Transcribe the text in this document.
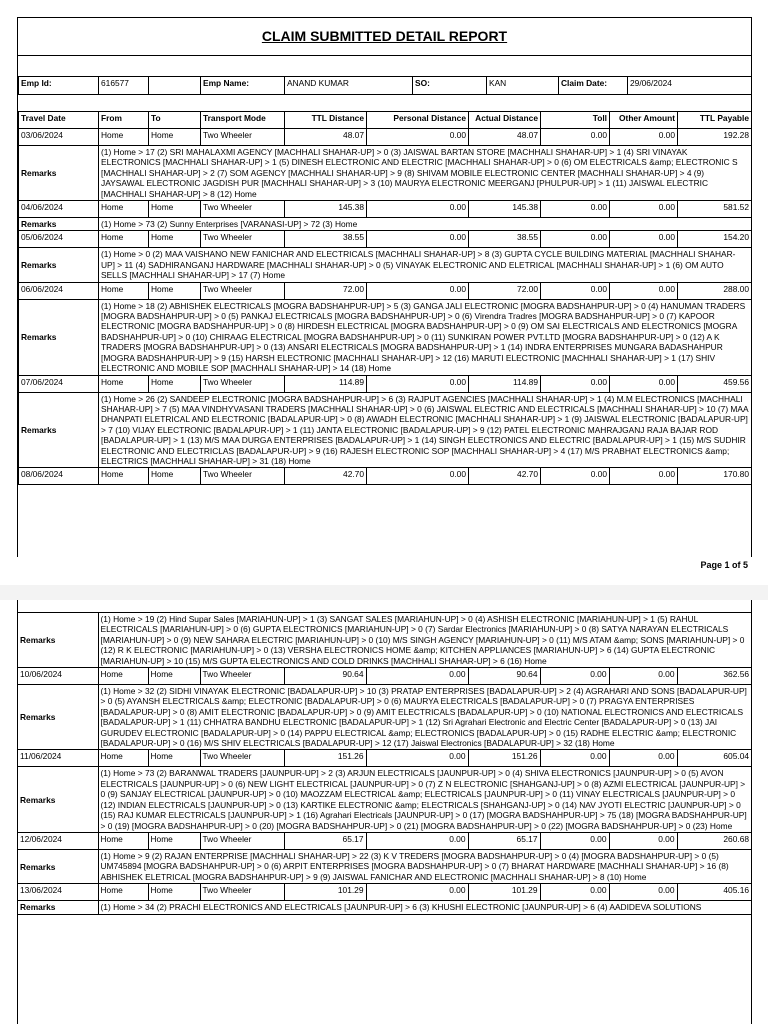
CLAIM SUBMITTED DETAIL REPORT
Emp Id:	616577		Emp Name:	ANAND KUMAR	SO:	KAN	Claim Date:	29/06/2024
Travel Date	From	To	Transport Mode	TTL Distance	Personal Distance	Actual Distance	Toll	Other Amount	TTL Payable
03/06/2024	Home	Home	Two Wheeler	48.07	0.00	48.07	0.00	0.00	192.28
Remarks	(1) Home > 17 (2) SRI MAHALAXMI AGENCY [MACHHALI SHAHAR-UP] > 0 (3) JAISWAL BARTAN STORE [MACHHALI SHAHAR-UP] > 1 (4) SRI VINAYAK ELECTRONICS [MACHHALI SHAHAR-UP] > 1 (5) DINESH ELECTRONIC AND ELECTRIC [MACHHALI SHAHAR-UP] > 0 (6) OM ELECTRICALS &amp; ELECTRONIC S [MACHHALI SHAHAR-UP] > 2 (7) SOM AGENCY [MACHHALI SHAHAR-UP] > 9 (8) SHIVAM MOBILE ELECTRONIC CENTER [MACHHALI SHAHAR-UP] > 4 (9) JAYSAWAL ELECTRONIC JAGDISH PUR [MACHHALI SHAHAR-UP] > 3 (10) MAURYA ELECTRONIC MEERGANJ [PHULPUR-UP] > 1 (11) JAISWAL ELECTRIC [MACHHALI SHAHAR-UP] > 8 (12) Home								
04/06/2024	Home	Home	Two Wheeler	145.38	0.00	145.38	0.00	0.00	581.52
Remarks	(1) Home > 73 (2) Sunny Enterprises [VARANASI-UP] > 72 (3) Home								
05/06/2024	Home	Home	Two Wheeler	38.55	0.00	38.55	0.00	0.00	154.20
Remarks	(1) Home > 0 (2) MAA VAISHANO NEW FANICHAR AND ELECTRICALS [MACHHALI SHAHAR-UP] > 8 (3) GUPTA CYCLE BUILDING MATERIAL [MACHHALI SHAHAR-UP] > 11 (4) SADHIRANGANJ HARDWARE [MACHHALI SHAHAR-UP] > 0 (5) VINAYAK ELECTRONIC AND ELETRICAL [MACHHALI SHAHAR-UP] > 1 (6) OM AUTO SELLS [MACHHALI SHAHAR-UP] > 17 (7) Home								
06/06/2024	Home	Home	Two Wheeler	72.00	0.00	72.00	0.00	0.00	288.00
Remarks	(1) Home > 18 (2) ABHISHEK ELECTRICALS [MOGRA BADSHAHPUR-UP] > 5 (3) GANGA JALI ELECTRONIC [MOGRA BADSHAHPUR-UP] > 0 (4) HANUMAN TRADERS [MOGRA BADSHAHPUR-UP] > 0 (5) PANKAJ ELECTRICALS [MOGRA BADSHAHPUR-UP] > 0 (6) Virendra Tradres [MOGRA BADSHAHPUR-UP] > 0 (7) KAPOOR ELECTRONIC [MOGRA BADSHAHPUR-UP] > 0 (8) HIRDESH ELECTRICAL [MOGRA BADSHAHPUR-UP] > 0 (9) OM SAI ELECTRICALS AND ELECTRONICS [MOGRA BADSHAHPUR-UP] > 0 (10) CHIRAAG ELECTRICAL [MOGRA BADSHAHPUR-UP] > 0 (11) SUNKIRAN POWER PVT.LTD [MOGRA BADSHAHPUR-UP] > 0 (12) A K TRADERS [MOGRA BADSHAHPUR-UP] > 0 (13) ANSARI ELECTRICALS [MOGRA BADSHAHPUR-UP] > 1 (14) INDRA ENTERPRISES MUNGARA BADASHAHPUR [MOGRA BADSHAHPUR-UP] > 9 (15) HARSH ELECTRONIC [MACHHALI SHAHAR-UP] > 12 (16) MARUTI ELECTRONIC [MACHHALI SHAHAR-UP] > 1 (17) SHIV ELECTRONIC AND MOBILE SOP [MACHHALI SHAHAR-UP] > 14 (18) Home								
07/06/2024	Home	Home	Two Wheeler	114.89	0.00	114.89	0.00	0.00	459.56
Remarks	(1) Home > 26 (2) SANDEEP ELECTRONIC [MOGRA BADSHAHPUR-UP] > 6 (3) RAJPUT AGENCIES [MACHHALI SHAHAR-UP] > 1 (4) M.M ELECTRONICS [MACHHALI SHAHAR-UP] > 7 (5) MAA VINDHYVASANI TRADERS [MACHHALI SHAHAR-UP] > 0 (6) JAISWAL ELECTRIC AND ELECTRICALS [MACHHALI SHAHAR-UP] > 10 (7) MAA DHANPATI ELETRICAL AND ELECTRONIC [BADALAPUR-UP] > 0 (8) AWADH ELECTRONIC [MACHHALI SHAHAR-UP] > 1 (9) JAISWAL ELECTRONIC [BADALAPUR-UP] > 7 (10) VIJAY ELECTRONIC [BADALAPUR-UP] > 1 (11) JANTA ELECTRONIC [BADALAPUR-UP] > 9 (12) PATEL ELECTRONIC MAHRAJGANJ RAJA BAJAR ROD [BADALAPUR-UP] > 1 (13) M/S MAA DURGA ENTERPRISES [BADALAPUR-UP] > 1 (14) SINGH ELECTRONICS AND ELECTRIC [BADALAPUR-UP] > 1 (15) M/S SUDHIR ELECTRONIC AND ELECTRICLAS [BADALAPUR-UP] > 9 (16) RAJESH ELECTRONIC SOP [MACHHALI SHAHAR-UP] > 4 (17) M/S PRABHAT ELECTRONICS &amp; ELECTRICS [MACHHALI SHAHAR-UP] > 31 (18) Home								
08/06/2024	Home	Home	Two Wheeler	42.70	0.00	42.70	0.00	0.00	170.80
Page 1 of 5
Remarks	(1) Home > 19 (2) Hind Supar Sales [MARIAHUN-UP] > 1 (3) SANGAT SALES [MARIAHUN-UP] > 0 (4) ASHISH ELECTRONIC [MARIAHUN-UP] > 1 (5) RAHUL ELECTRICALS [MARIAHUN-UP] > 0 (6) GUPTA ELECTRONICS [MARIAHUN-UP] > 0 (7) Sardar Electronics [MARIAHUN-UP] > 0 (8) SATYA NARAYAN ELECTRICALS [MARIAHUN-UP] > 0 (9) NEW SAHARA ELECTRIC [MARIAHUN-UP] > 0 (10) M/S SINGH AGENCY [MARIAHUN-UP] > 0 (11) M/S ATAM &amp; SONS [MARIAHUN-UP] > 0 (12) R K ELECTRONIC [MARIAHUN-UP] > 0 (13) VERSHA ELECTRONICS HOME &amp; KITCHEN APPLIANCES [MARIAHUN-UP] > 6 (14) GUPTA ELECTRONIC [MARIAHUN-UP] > 10 (15) M/S GUPTA ELECTRONICS AND COLD DRINKS [MACHHALI SHAHAR-UP] > 6 (16) Home								
10/06/2024	Home	Home	Two Wheeler	90.64	0.00	90.64	0.00	0.00	362.56
Remarks	(1) Home > 32 (2) SIDHI VINAYAK ELECTRONIC [BADALAPUR-UP] > 10 (3) PRATAP ENTERPRISES [BADALAPUR-UP] > 2 (4) AGRAHARI AND SONS [BADALAPUR-UP] > 0 (5) AYANSH ELECTRICALS &amp; ELECTRONIC [BADALAPUR-UP] > 0 (6) MAURYA ELECTRICALS [BADALAPUR-UP] > 0 (7) PRAGYA ENTERPRISES [BADALAPUR-UP] > 0 (8) AMIT ELECTRONIC [BADALAPUR-UP] > 0 (9) AMIT ELECTRICALS [BADALAPUR-UP] > 0 (10) NATIONAL ELECTRONICS AND ELECTRICALS [BADALAPUR-UP] > 1 (11) CHHATRA BANDHU ELECTRONIC [BADALAPUR-UP] > 1 (12) Sri Agrahari Electronic and Electric Center [BADALAPUR-UP] > 0 (13) JAI GURUDEV ELECTRONIC [BADALAPUR-UP] > 0 (14) PAPPU ELECTRICAL &amp; ELECTRONICS [BADALAPUR-UP] > 0 (15) RADHE ELECTRIC &amp; ELECTRONIC [BADALAPUR-UP] > 0 (16) M/S SHIV ELECTRICALS [BADALAPUR-UP] > 12 (17) Jaiswal Electronics [BADALAPUR-UP] > 32 (18) Home								
11/06/2024	Home	Home	Two Wheeler	151.26	0.00	151.26	0.00	0.00	605.04
Remarks	(1) Home > 73 (2) BARANWAL TRADERS [JAUNPUR-UP] > 2 (3) ARJUN ELECTRICALS [JAUNPUR-UP] > 0 (4) SHIVA ELECTRONICS [JAUNPUR-UP] > 0 (5) AVON ELECTRICALS [JAUNPUR-UP] > 0 (6) NEW LIGHT ELECTRICAL [JAUNPUR-UP] > 0 (7) Z N ELECTRONIC [SHAHGANJ-UP] > 0 (8) AZMI ELECTRICAL [JAUNPUR-UP] > 0 (9) SANJAY ELECTRICAL [JAUNPUR-UP] > 0 (10) MAOZZAM ELECTRICAL &amp; ELECTRICALS [JAUNPUR-UP] > 0 (11) VINAY ELECTRICALS [JAUNPUR-UP] > 0 (12) INDIAN ELECTRICALS [JAUNPUR-UP] > 0 (13) KARTIKE ELECTRONIC &amp; ELECTRICALS [SHAHGANJ-UP] > 0 (14) NAV JYOTI ELECTRIC [JAUNPUR-UP] > 0 (15) RAJ KUMAR ELECTRICALS [JAUNPUR-UP] > 1 (16) Agrahari Electricals [JAUNPUR-UP] > 0 (17) [MOGRA BADSHAHPUR-UP] > 75 (18) [MOGRA BADSHAHPUR-UP] > 0 (19) [MOGRA BADSHAHPUR-UP] > 0 (20) [MOGRA BADSHAHPUR-UP] > 0 (21) [MOGRA BADSHAHPUR-UP] > 0 (22) [MOGRA BADSHAHPUR-UP] > 0 (23) Home								
12/06/2024	Home	Home	Two Wheeler	65.17	0.00	65.17	0.00	0.00	260.68
Remarks	(1) Home > 9 (2) RAJAN ENTERPRISE [MACHHALI SHAHAR-UP] > 22 (3) K V TREDERS [MOGRA BADSHAHPUR-UP] > 0 (4) [MOGRA BADSHAHPUR-UP] > 0 (5) UM745894 [MOGRA BADSHAHPUR-UP] > 0 (6) ARPIT ENTERPRISES [MOGRA BADSHAHPUR-UP] > 0 (7) BHARAT HARDWARE [MACHHALI SHAHAR-UP] > 16 (8) ABHISHEK ELETRICAL [MOGRA BADSHAHPUR-UP] > 9 (9) JAISWAL FANICHAR AND ELECTRONIC [MACHHALI SHAHAR-UP] > 8 (10) Home								
13/06/2024	Home	Home	Two Wheeler	101.29	0.00	101.29	0.00	0.00	405.16
Remarks	(1) Home > 34 (2) PRACHI ELECTRONICS AND ELECTRICALS [JAUNPUR-UP] > 6 (3) KHUSHI ELECTRONIC [JAUNPUR-UP] > 6 (4) AADIDEVA SOLUTIONS								
